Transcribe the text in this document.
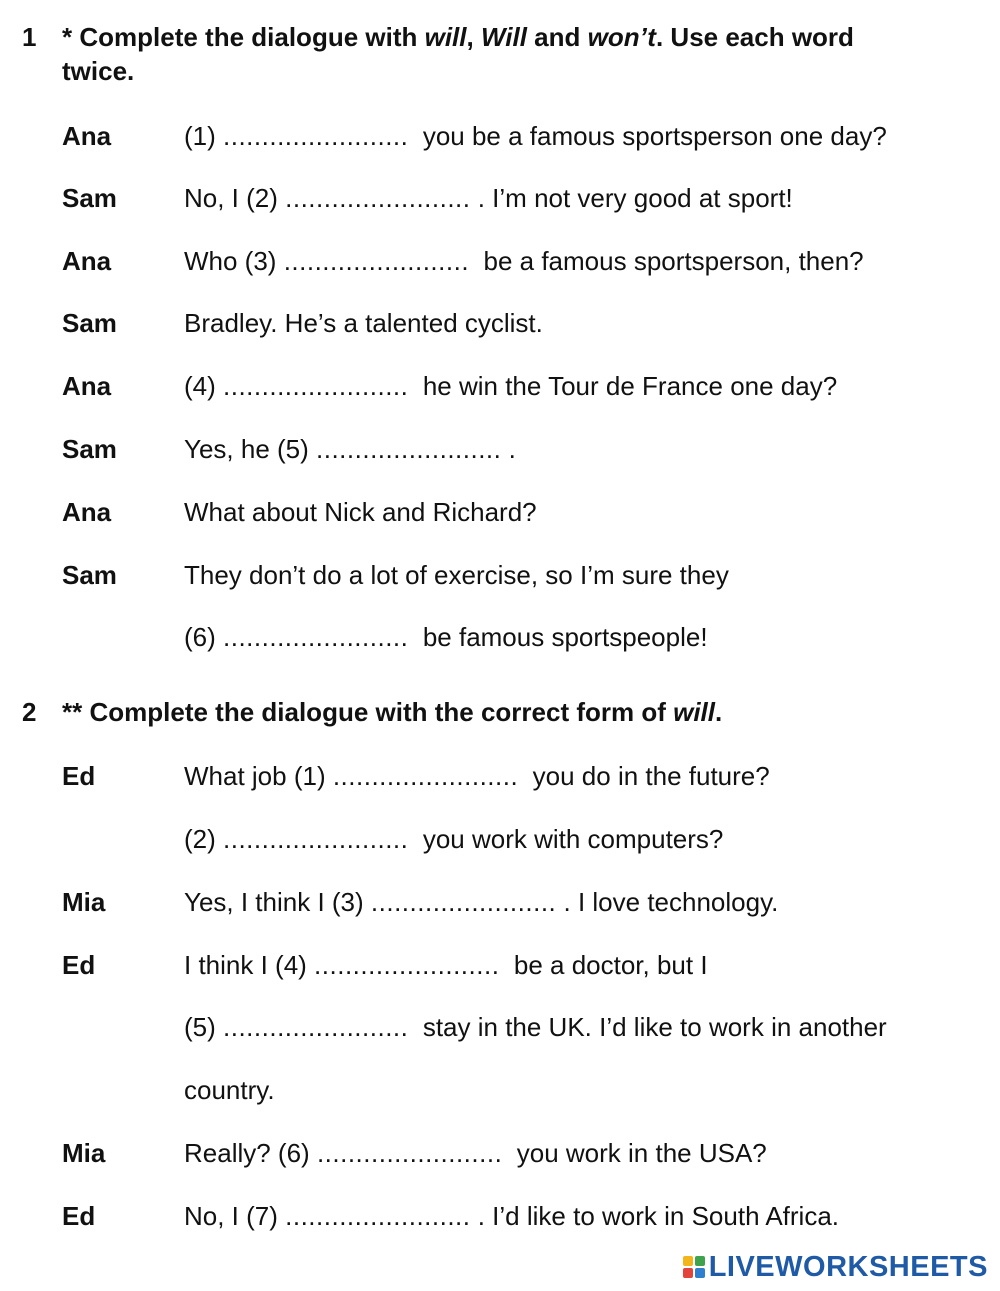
1 * Complete the dialogue with will, Will and won’t. Use each word
twice.
Ana	(1) ........................  you be a famous sportsperson one day?
Sam	No, I (2) ........................ . I’m not very good at sport!
Ana	Who (3) ........................  be a famous sportsperson, then?
Sam	Bradley. He’s a talented cyclist.
Ana	(4) ........................  he win the Tour de France one day?
Sam	Yes, he (5) ........................ .
Ana	What about Nick and Richard?
Sam	They don’t do a lot of exercise, so I’m sure they
(6) ........................  be famous sportspeople!
2 ** Complete the dialogue with the correct form of will.
Ed	What job (1) ........................  you do in the future?
(2) ........................  you work with computers?
Mia	Yes, I think I (3) ........................ . I love technology.
Ed	I think I (4) ........................  be a doctor, but I
(5) ........................  stay in the UK. I’d like to work in another
country.
Mia	Really? (6) ........................  you work in the USA?
Ed	No, I (7) ........................ . I’d like to work in South Africa.
LIVEWORKSHEETS
